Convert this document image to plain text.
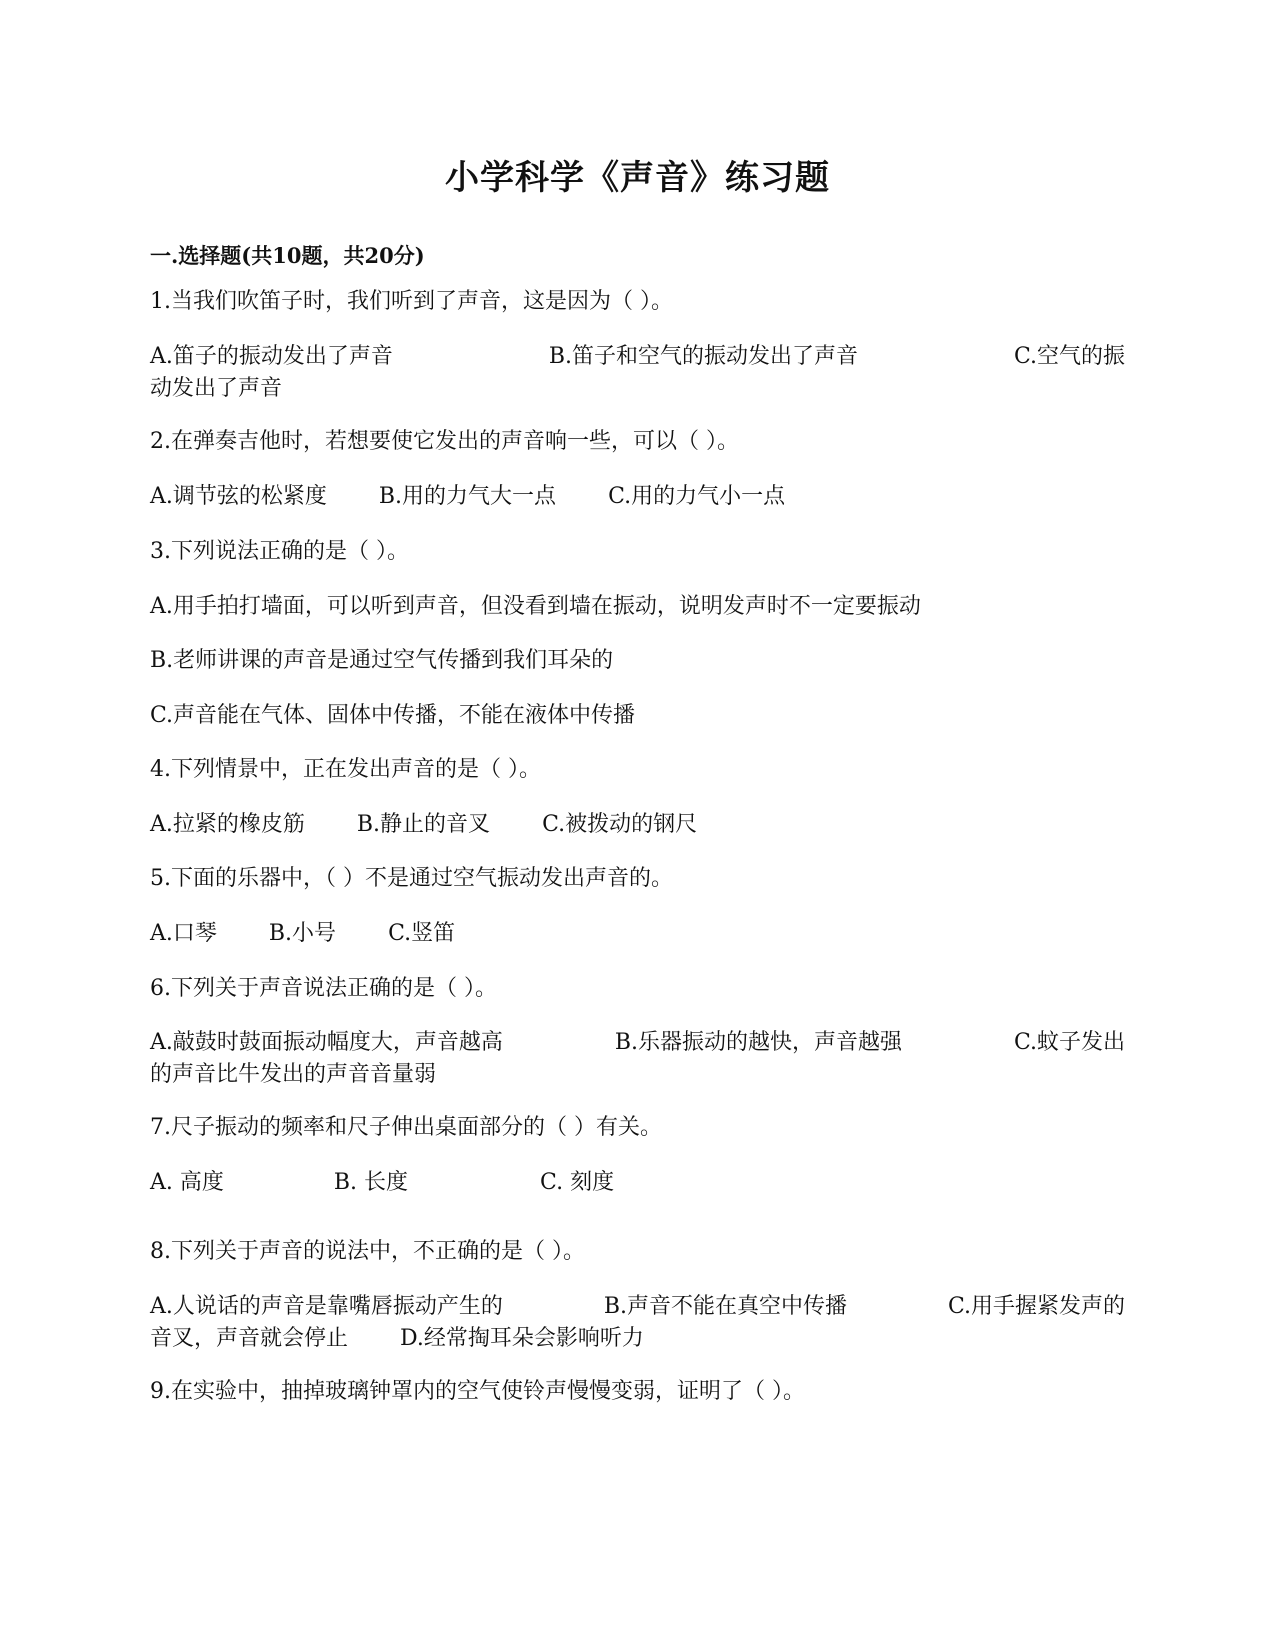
小学科学《声音》练习题
一.选择题(共10题，共20分)

1.当我们吹笛子时，我们听到了声音，这是因为（ ）。

A.笛子的振动发出了声音	B.笛子和空气的振动发出了声音	C.空气的振
动发出了声音

2.在弹奏吉他时，若想要使它发出的声音响一些，可以（ ）。

A.调节弦的松紧度 B.用的力气大一点 C.用的力气小一点

3.下列说法正确的是（ ）。

A.用手拍打墙面，可以听到声音，但没看到墙在振动，说明发声时不一定要振动

B.老师讲课的声音是通过空气传播到我们耳朵的

C.声音能在气体、固体中传播，不能在液体中传播

4.下列情景中，正在发出声音的是（ ）。

A.拉紧的橡皮筋 B.静止的音叉 C.被拨动的钢尺

5.下面的乐器中，（ ）不是通过空气振动发出声音的。

A.口琴 B.小号 C.竖笛

6.下列关于声音说法正确的是（ ）。

A.敲鼓时鼓面振动幅度大，声音越高	B.乐器振动的越快，声音越强	C.蚊子发出
的声音比牛发出的声音音量弱

7.尺子振动的频率和尺子伸出桌面部分的（ ）有关。

A. 高度	B. 长度	C. 刻度

8.下列关于声音的说法中，不正确的是（ ）。

A.人说话的声音是靠嘴唇振动产生的	B.声音不能在真空中传播	C.用手握紧发声的
音叉，声音就会停止 D.经常掏耳朵会影响听力

9.在实验中，抽掉玻璃钟罩内的空气使铃声慢慢变弱，证明了（ ）。
